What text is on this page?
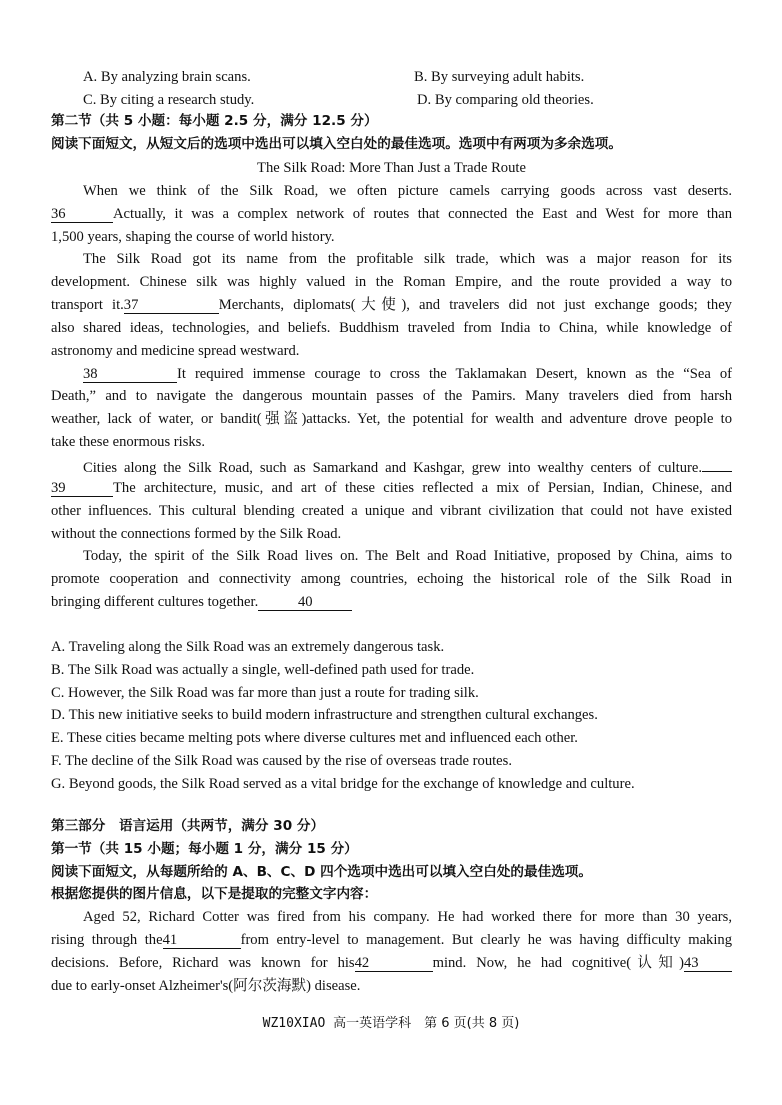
A. By analyzing brain scans.	B. By surveying adult habits.
C. By citing a research study.	D. By comparing old theories.
第二节（共 5 小题：每小题 2.5 分，满分 12.5 分）
阅读下面短文，从短文后的选项中选出可以填入空白处的最佳选项。选项中有两项为多余选项。
The Silk Road: More Than Just a Trade Route
When we think of the Silk Road, we often picture camels carrying goods across vast deserts.
36	Actually, it was a complex network of routes that connected the East and West for more than
1,500 years, shaping the course of world history.
The Silk Road got its name from the profitable silk trade, which was a major reason for its
development. Chinese silk was highly valued in the Roman Empire, and the route provided a way to
transport it.37	Merchants, diplomats(大使), and travelers did not just exchange goods; they
also shared ideas, technologies, and beliefs. Buddhism traveled from India to China, while knowledge of
astronomy and medicine spread westward.
38	It required immense courage to cross the Taklamakan Desert, known as the “Sea of
Death,” and to navigate the dangerous mountain passes of the Pamirs. Many travelers died from harsh
weather, lack of water, or bandit(强盗)attacks. Yet, the potential for wealth and adventure drove people to
take these enormous risks.
Cities along the Silk Road, such as Samarkand and Kashgar, grew into wealthy centers of culture.
39	The architecture, music, and art of these cities reflected a mix of Persian, Indian, Chinese, and
other influences. This cultural blending created a unique and vibrant civilization that could not have existed
without the connections formed by the Silk Road.
Today, the spirit of the Silk Road lives on. The Belt and Road Initiative, proposed by China, aims to
promote cooperation and connectivity among countries, echoing the historical role of the Silk Road in
bringing different cultures together.	40
A. Traveling along the Silk Road was an extremely dangerous task.
B. The Silk Road was actually a single, well-defined path used for trade.
C. However, the Silk Road was far more than just a route for trading silk.
D. This new initiative seeks to build modern infrastructure and strengthen cultural exchanges.
E. These cities became melting pots where diverse cultures met and influenced each other.
F. The decline of the Silk Road was caused by the rise of overseas trade routes.
G. Beyond goods, the Silk Road served as a vital bridge for the exchange of knowledge and culture.
第三部分　语言运用（共两节，满分 30 分）
第一节（共 15 小题；每小题 1 分，满分 15 分）
阅读下面短文，从每题所给的 A、B、C、D 四个选项中选出可以填入空白处的最佳选项。
根据您提供的图片信息，以下是提取的完整文字内容：
Aged 52, Richard Cotter was fired from his company. He had worked there for more than 30 years,
rising through the41	from entry-level to management. But clearly he was having difficulty making
decisions. Before, Richard was known for his42	mind. Now, he had cognitive(认知)43
due to early-onset Alzheimer's(阿尔茨海默) disease.
WZ10XIAO 高一英语学科　第 6 页(共 8 页)
